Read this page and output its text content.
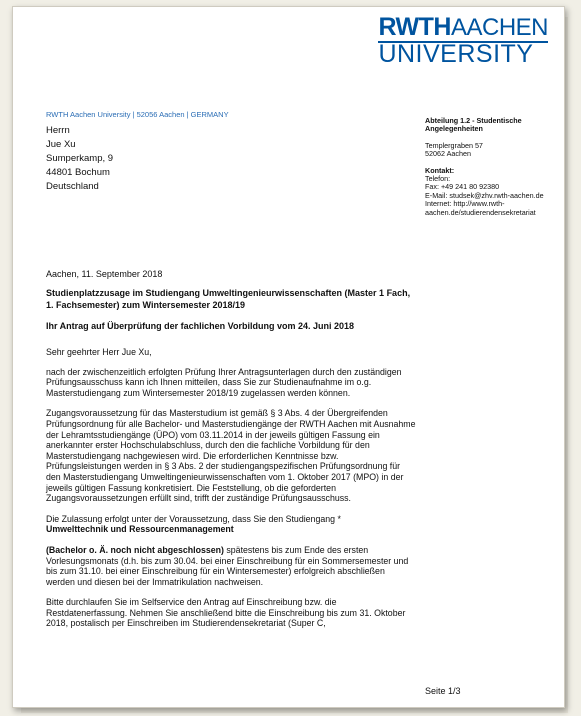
RWTHAACHEN
UNIVERSITY
RWTH Aachen University | 52056 Aachen | GERMANY
Herrn
Jue Xu
Sumperkamp, 9
44801 Bochum
Deutschland
Abteilung 1.2 - Studentische Angelegenheiten
Templergraben 57
52062 Aachen
Kontakt:
Telefon:
Fax: +49 241 80 92380
E-Mail: studsek@zhv.rwth-aachen.de
Internet: http://www.rwth-aachen.de/studierendensekretariat
Aachen, 11. September 2018
Studienplatzzusage im Studiengang Umweltingenieurwissenschaften (Master 1 Fach, 1. Fachsemester) zum Wintersemester 2018/19
Ihr Antrag auf Überprüfung der fachlichen Vorbildung vom 24. Juni 2018

Sehr geehrter Herr Jue Xu,

nach der zwischenzeitlich erfolgten Prüfung Ihrer Antragsunterlagen durch den zuständigen Prüfungsausschuss kann ich Ihnen mitteilen, dass Sie zur Studienaufnahme im o.g. Masterstudiengang zum Wintersemester 2018/19 zugelassen werden können.

Zugangsvoraussetzung für das Masterstudium ist gemäß § 3 Abs. 4 der Übergreifenden Prüfungsordnung für alle Bachelor- und Masterstudiengänge der RWTH Aachen mit Ausnahme der Lehramtsstudiengänge (ÜPO) vom 03.11.2014 in der jeweils gültigen Fassung ein anerkannter erster Hochschulabschluss, durch den die fachliche Vorbildung für den Masterstudiengang nachgewiesen wird. Die erforderlichen Kenntnisse bzw. Prüfungsleistungen werden in § 3 Abs. 2 der studiengangspezifischen Prüfungsordnung für den Masterstudiengang Umweltingenieurwissenschaften vom 1. Oktober 2017 (MPO) in der jeweils gültigen Fassung konkretisiert. Die Feststellung, ob die geforderten Zugangsvoraussetzungen erfüllt sind, trifft der zuständige Prüfungsausschuss.

Die Zulassung erfolgt unter der Voraussetzung, dass Sie den Studiengang *
Umwelttechnik und Ressourcenmanagement

(Bachelor o. Ä. noch nicht abgeschlossen) spätestens bis zum Ende des ersten Vorlesungsmonats (d.h. bis zum 30.04. bei einer Einschreibung für ein Sommersemester und bis zum 31.10. bei einer Einschreibung für ein Wintersemester) erfolgreich abschließen werden und diesen bei der Immatrikulation nachweisen.

Bitte durchlaufen Sie im Selfservice den Antrag auf Einschreibung bzw. die Restdatenerfassung. Nehmen Sie anschließend bitte die Einschreibung bis zum 31. Oktober 2018, postalisch per Einschreiben im Studierendensekretariat (Super C,

Seite 1/3
